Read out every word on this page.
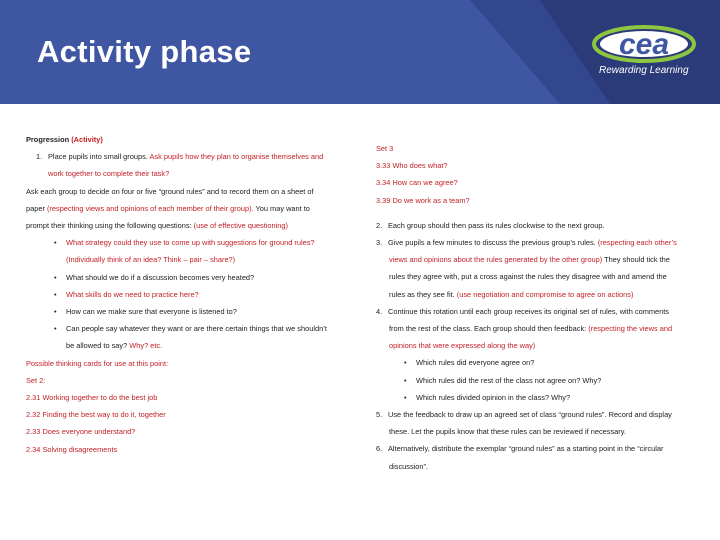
Activity phase	cea
Rewarding Learning
Progression (Activity)
1. Place pupils into small groups. Ask pupils how they plan to organise themselves and
work together to complete their task?
Ask each group to decide on four or five “ground rules” and to record them on a sheet of
paper (respecting views and opinions of each member of their group). You may want to
prompt their thinking using the following questions: (use of effective questioning)
• What strategy could they use to come up with suggestions for ground rules?
(Individually think of an idea? Think – pair – share?)
• What should we do if a discussion becomes very heated?
• What skills do we need to practice here?
• How can we make sure that everyone is listened to?
• Can people say whatever they want or are there certain things that we shouldn’t
be allowed to say? Why? etc.
Possible thinking cards for use at this point:
Set 2:
2.31 Working together to do the best job
2.32 Finding the best way to do it, together
2.33 Does everyone understand?
2.34 Solving disagreements
Set 3
3.33 Who does what?
3.34 How can we agree?
3.39 Do we work as a team?
2. Each group should then pass its rules clockwise to the next group.
3. Give pupils a few minutes to discuss the previous group’s rules. (respecting each other’s
views and opinions about the rules generated by the other group) They should tick the
rules they agree with, put a cross against the rules they disagree with and amend the
rules as they see fit. (use negotiation and compromise to agree on actions)
4. Continue this rotation until each group receives its original set of rules, with comments
from the rest of the class. Each group should then feedback: (respecting the views and
opinions that were expressed along the way)
• Which rules did everyone agree on?
• Which rules did the rest of the class not agree on? Why?
• Which rules divided opinion in the class? Why?
5. Use the feedback to draw up an agreed set of class “ground rules”. Record and display
these. Let the pupils know that these rules can be reviewed if necessary.
6. Alternatively, distribute the exemplar “ground rules” as a starting point in the “circular
discussion”.
